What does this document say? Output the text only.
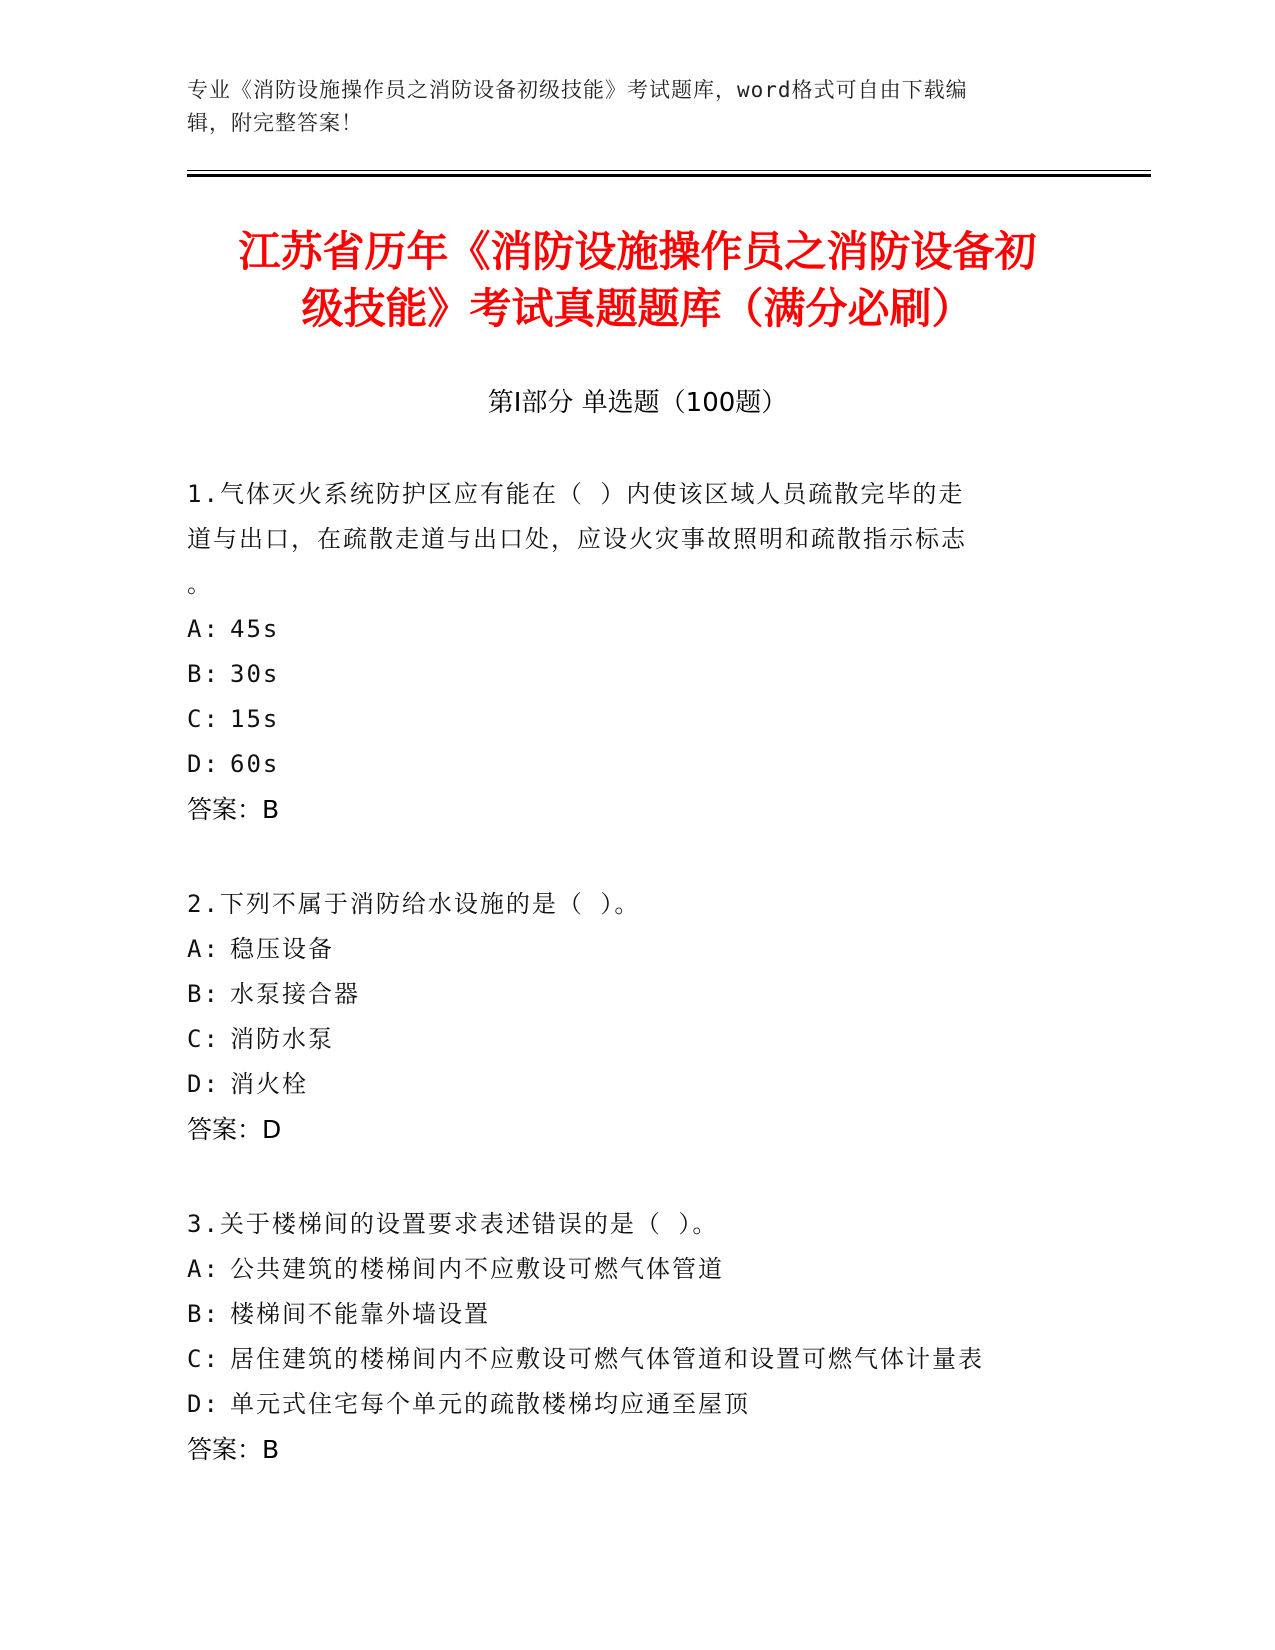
专业《消防设施操作员之消防设备初级技能》考试题库，word格式可自由下载编
辑，附完整答案！
江苏省历年《消防设施操作员之消防设备初
级技能》考试真题题库（满分必刷）
第Ⅰ部分 单选题（100题）

1.气体灭火系统防护区应有能在（ ）内使该区域人员疏散完毕的走

道与出口，在疏散走道与出口处，应设火灾事故照明和疏散指示标志

。

A: 45s

B: 30s

C: 15s

D: 60s

答案：B

2.下列不属于消防给水设施的是（ ）。

A: 稳压设备

B: 水泵接合器

C: 消防水泵

D: 消火栓

答案：D

3.关于楼梯间的设置要求表述错误的是（ ）。

A: 公共建筑的楼梯间内不应敷设可燃气体管道

B: 楼梯间不能靠外墙设置

C: 居住建筑的楼梯间内不应敷设可燃气体管道和设置可燃气体计量表

D: 单元式住宅每个单元的疏散楼梯均应通至屋顶

答案：B
